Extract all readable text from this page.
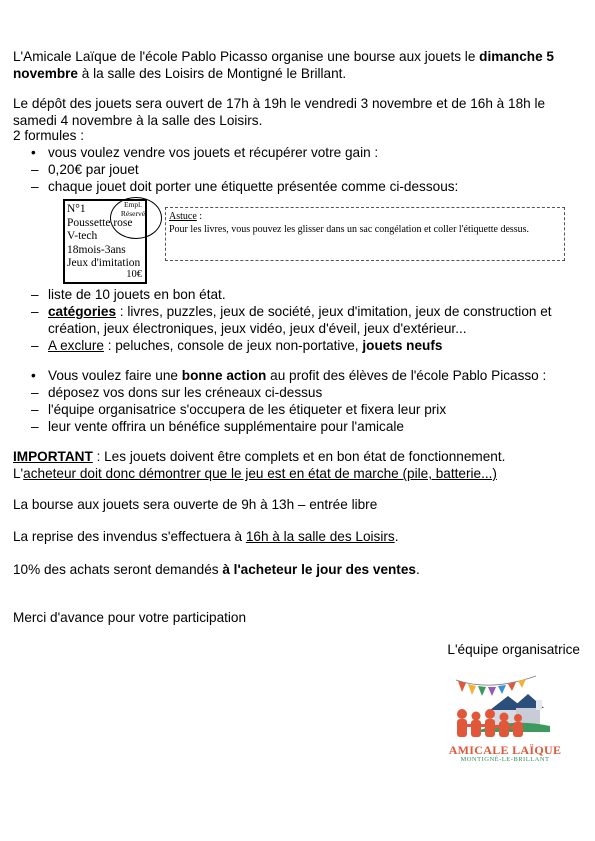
L'Amicale Laïque de l'école Pablo Picasso organise une bourse aux jouets le dimanche 5 novembre à la salle des Loisirs de Montigné le Brillant.

Le dépôt des jouets sera ouvert de 17h à 19h le vendredi 3 novembre et de 16h à 18h le samedi 4 novembre à la salle des Loisirs.

2 formules :

• vous voulez vendre vos jouets et récupérer votre gain :
– 0,20€ par jouet
– chaque jouet doit porter une étiquette présentée comme ci-dessous:
N°1
Poussette rose
V-tech
18mois-3ans
Jeux d'imitation
10€
Empl.
Réservé	Astuce :
Pour les livres, vous pouvez les glisser dans un sac congélation et coller l'étiquette dessus.
– liste de 10 jouets en bon état.
– catégories : livres, puzzles, jeux de société, jeux d'imitation, jeux de construction et création, jeux électroniques, jeux vidéo, jeux d'éveil, jeux d'extérieur...
– A exclure : peluches, console de jeux non-portative, jouets neufs
• Vous voulez faire une bonne action au profit des élèves de l'école Pablo Picasso :
– déposez vos dons sur les créneaux ci-dessus
– l'équipe organisatrice s'occupera de les étiqueter et fixera leur prix
– leur vente offrira un bénéfice supplémentaire pour l'amicale

IMPORTANT : Les jouets doivent être complets et en bon état de fonctionnement.

L'acheteur doit donc démontrer que le jeu est en état de marche (pile, batterie...)

La bourse aux jouets sera ouverte de 9h à 13h – entrée libre

La reprise des invendus s'effectuera à 16h à la salle des Loisirs.

10% des achats seront demandés à l'acheteur le jour des ventes.

Merci d'avance pour votre participation

L'équipe organisatrice

AMICALE LAÏQUE
MONTIGNÉ-LE-BRILLANT
